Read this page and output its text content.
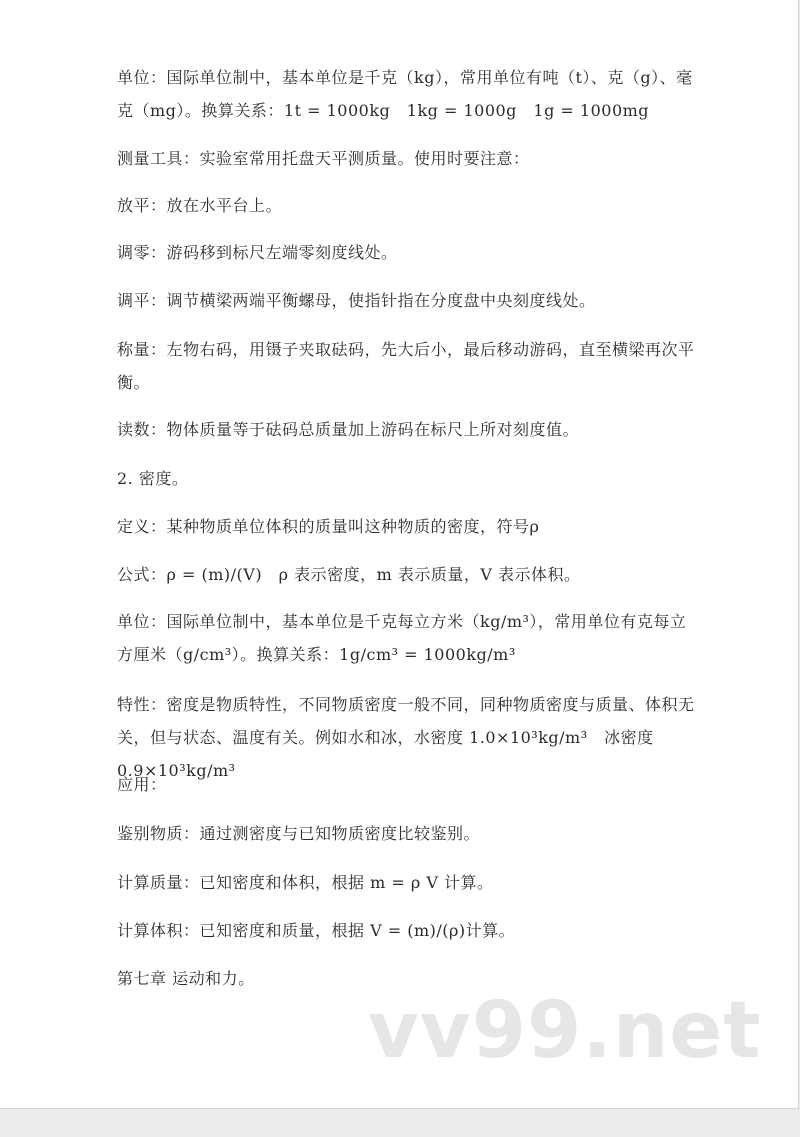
单位：国际单位制中，基本单位是千克（kg），常用单位有吨（t）、克（g）、毫克（mg）。换算关系：1t = 1000kg　1kg = 1000g　1g = 1000mg

测量工具：实验室常用托盘天平测质量。使用时要注意：

放平：放在水平台上。

调零：游码移到标尺左端零刻度线处。

调平：调节横梁两端平衡螺母，使指针指在分度盘中央刻度线处。

称量：左物右码，用镊子夹取砝码，先大后小，最后移动游码，直至横梁再次平衡。

读数：物体质量等于砝码总质量加上游码在标尺上所对刻度值。

2. 密度。

定义：某种物质单位体积的质量叫这种物质的密度，符号ρ

公式：ρ = (m)/(V)　ρ 表示密度，m 表示质量，V 表示体积。

单位：国际单位制中，基本单位是千克每立方米（kg/m³），常用单位有克每立方厘米（g/cm³）。换算关系：1g/cm³ = 1000kg/m³

特性：密度是物质特性，不同物质密度一般不同，同种物质密度与质量、体积无关，但与状态、温度有关。例如水和冰，水密度 1.0×10³kg/m³　冰密度 0.9×10³kg/m³

应用：

鉴别物质：通过测密度与已知物质密度比较鉴别。

计算质量：已知密度和体积，根据 m = ρ V 计算。

计算体积：已知密度和质量，根据 V = (m)/(ρ)计算。

第七章 运动和力。

vv99.net
